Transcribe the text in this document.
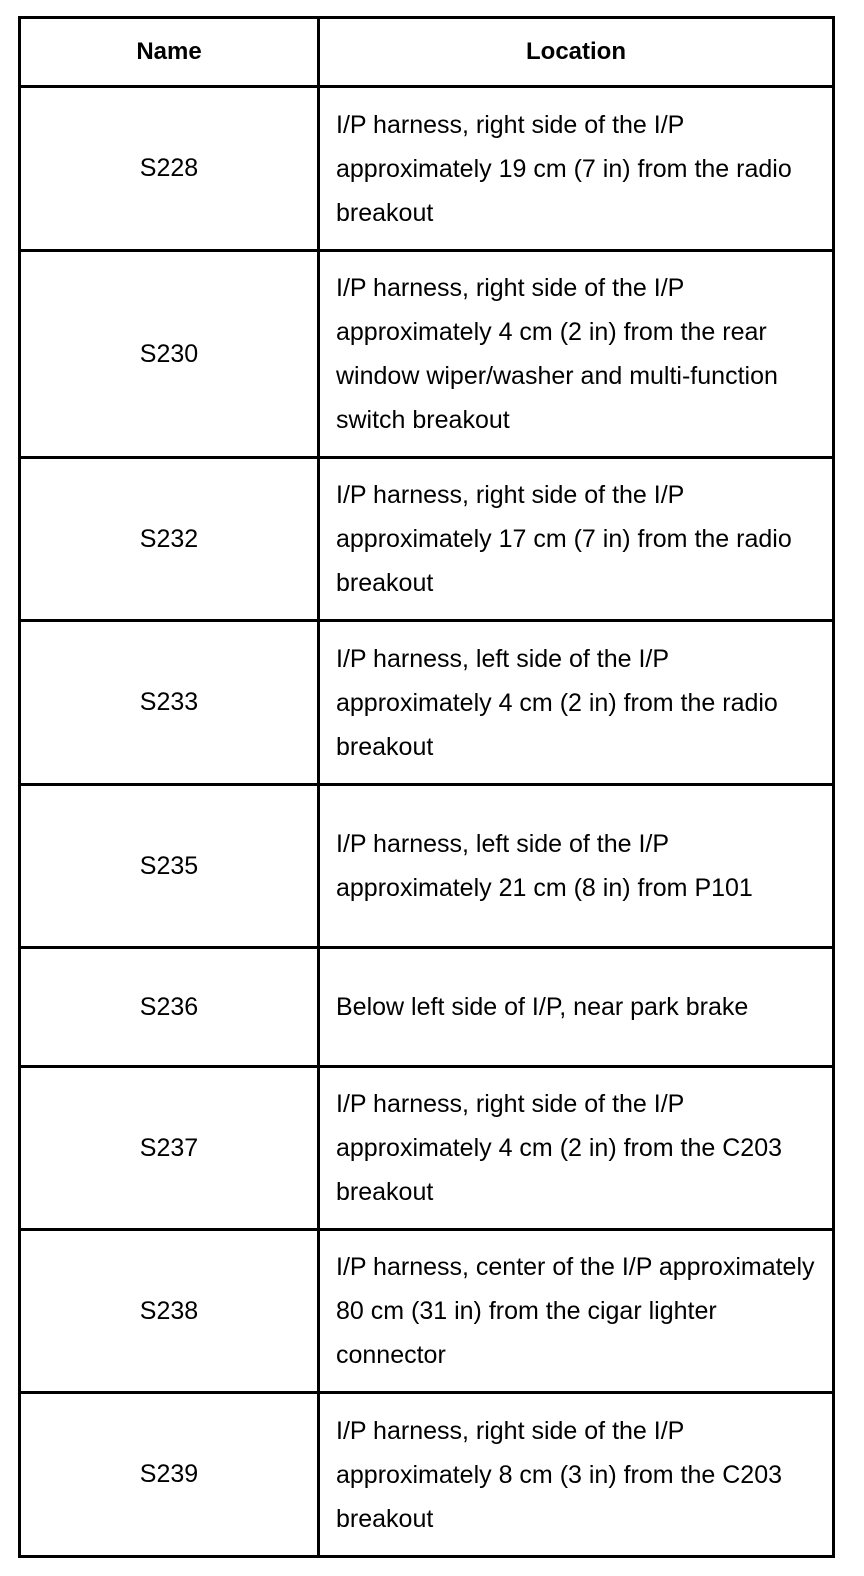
Name	Location
S228	I/P harness, right side of the I/P approximately 19 cm (7 in) from the radio breakout
S230	I/P harness, right side of the I/P approximately 4 cm (2 in) from the rear window wiper/washer and multi-function switch breakout
S232	I/P harness, right side of the I/P approximately 17 cm (7 in) from the radio breakout
S233	I/P harness, left side of the I/P approximately 4 cm (2 in) from the radio breakout
S235	I/P harness, left side of the I/P approximately 21 cm (8 in) from P101
S236	Below left side of I/P, near park brake
S237	I/P harness, right side of the I/P approximately 4 cm (2 in) from the C203 breakout
S238	I/P harness, center of the I/P approximately 80 cm (31 in) from the cigar lighter connector
S239	I/P harness, right side of the I/P approximately 8 cm (3 in) from the C203 breakout
